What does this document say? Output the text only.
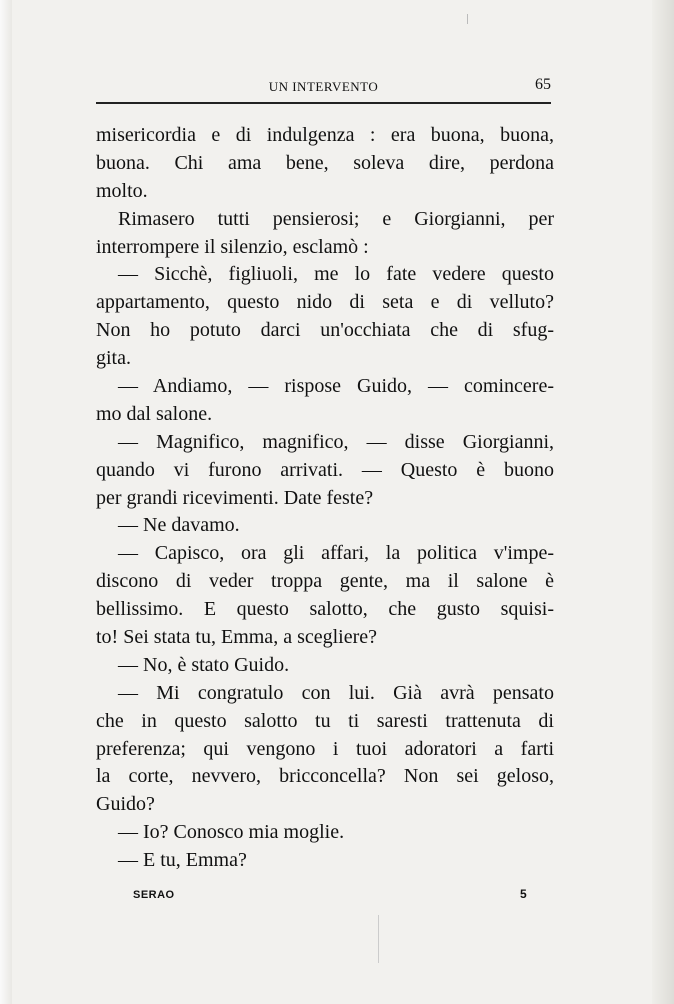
UN INTERVENTO	65
misericordia e di indulgenza : era buona, buona,
buona. Chi ama bene, soleva dire, perdona
molto.
Rimasero tutti pensierosi; e Giorgianni, per
interrompere il silenzio, esclamò :
— Sicchè, figliuoli, me lo fate vedere questo
appartamento, questo nido di seta e di velluto?
Non ho potuto darci un'occhiata che di sfug-
gita.
— Andiamo, — rispose Guido, — comincere-
mo dal salone.
— Magnifico, magnifico, — disse Giorgianni,
quando vi furono arrivati. — Questo è buono
per grandi ricevimenti. Date feste?
— Ne davamo.
— Capisco, ora gli affari, la politica v'impe-
discono di veder troppa gente, ma il salone è
bellissimo. E questo salotto, che gusto squisi-
to! Sei stata tu, Emma, a sceglierе?
— No, è stato Guido.
— Mi congratulo con lui. Già avrà pensato
che in questo salotto tu ti saresti trattenuta di
preferenza; qui vengono i tuoi adoratori a farti
la corte, nevvero, bricconcella? Non sei geloso,
Guido?
— Io? Conosco mia moglie.
— E tu, Emma?
SERAO	5
